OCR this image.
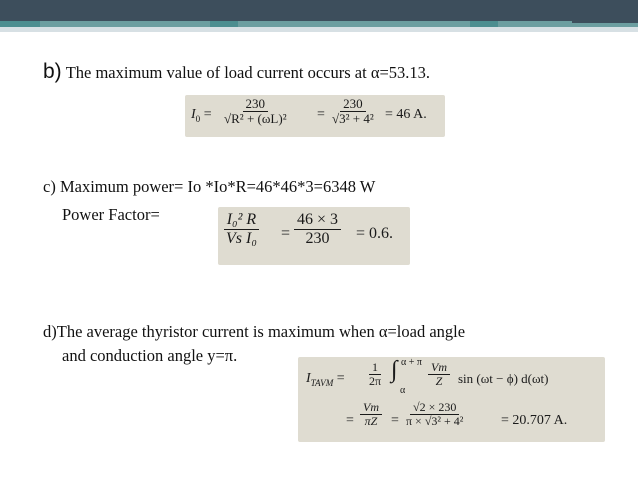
b) The maximum value of load current occurs at α=53.13.
$I_0 = \frac{230}{\text{√R² + (ωL)²}} = \frac{230}{\text{√3² + 4²}} = 46$ A.
c) Maximum power= Io *Io*R=46*46*3=6348 W
Power Factor=	$\frac{\text{I₀² R}}{\text{Vs I₀}} = \frac{46 \times 3}{230} = 0.6$.
d)The average thyristor current is maximum when α=load angle
and conduction angle y=π.
$I_{TAVM} = \frac{1}{2\pi}$ ∫ α + π
α
$\frac{Vm}{Z}$ sin (ωt − ϕ) d(ωt)
= $\frac{Vm}{\pi Z} = \frac{√2 \times 230}{\text{π × √3² + 4²}} = 20.707$ A.
